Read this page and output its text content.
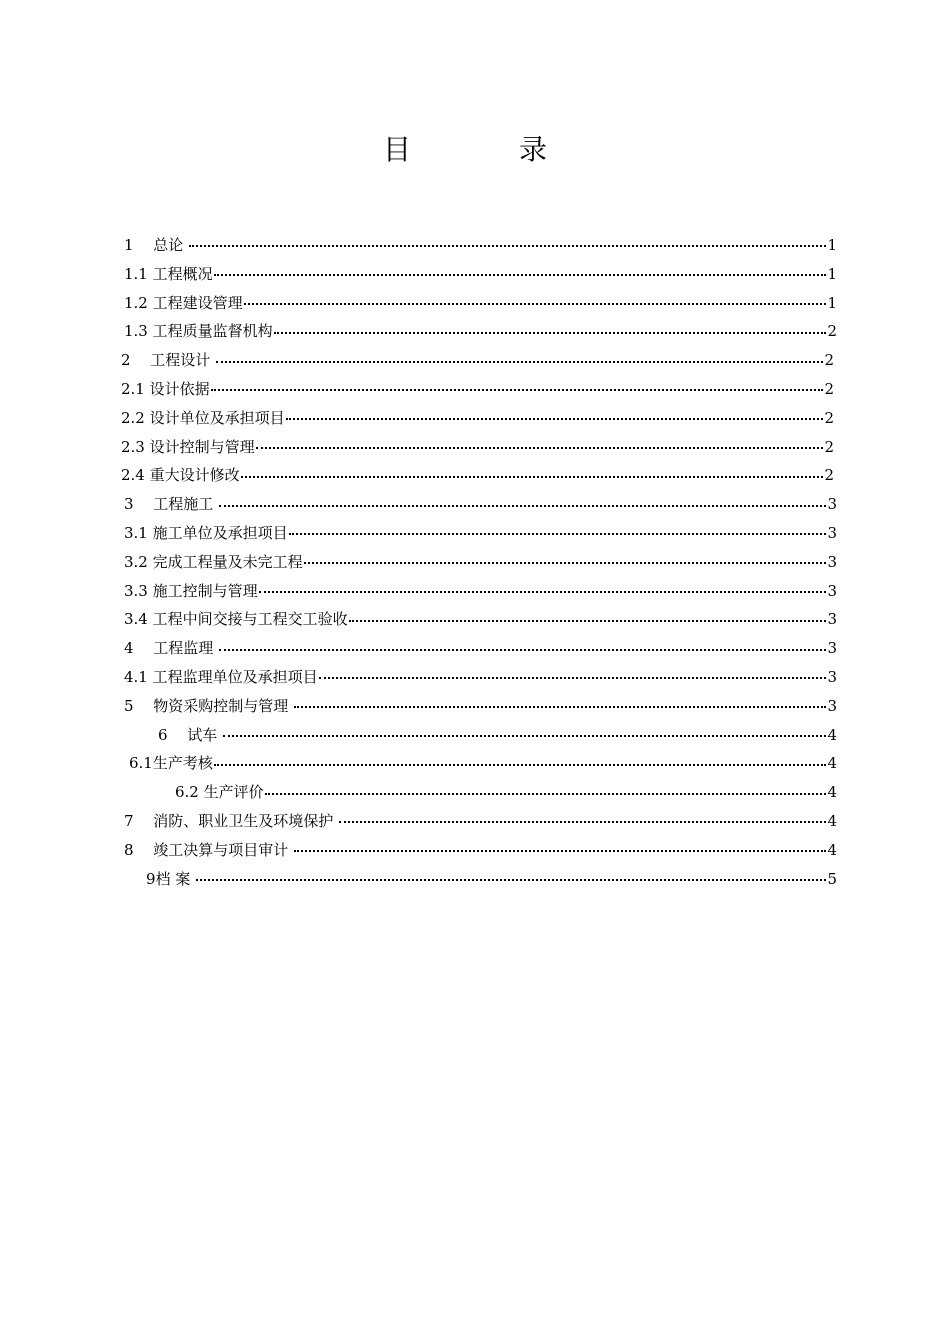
目　录
1　 总论	1
1.1 工程概况	1
1.2 工程建设管理	1
1.3 工程质量监督机构	2
2　 工程设计	2
2.1 设计依据	2
2.2 设计单位及承担项目	2
2.3 设计控制与管理	2
2.4 重大设计修改	2
3　 工程施工	3
3.1 施工单位及承担项目	3
3.2 完成工程量及未完工程	3
3.3 施工控制与管理	3
3.4 工程中间交接与工程交工验收	3
4　 工程监理	3
4.1 工程监理单位及承担项目	3
5　 物资采购控制与管理	3
6　 试车	4
6.1生产考核	4
6.2 生产评价	4
7　 消防、职业卫生及环境保护	4
8　 竣工决算与项目审计	4
9档 案	5
